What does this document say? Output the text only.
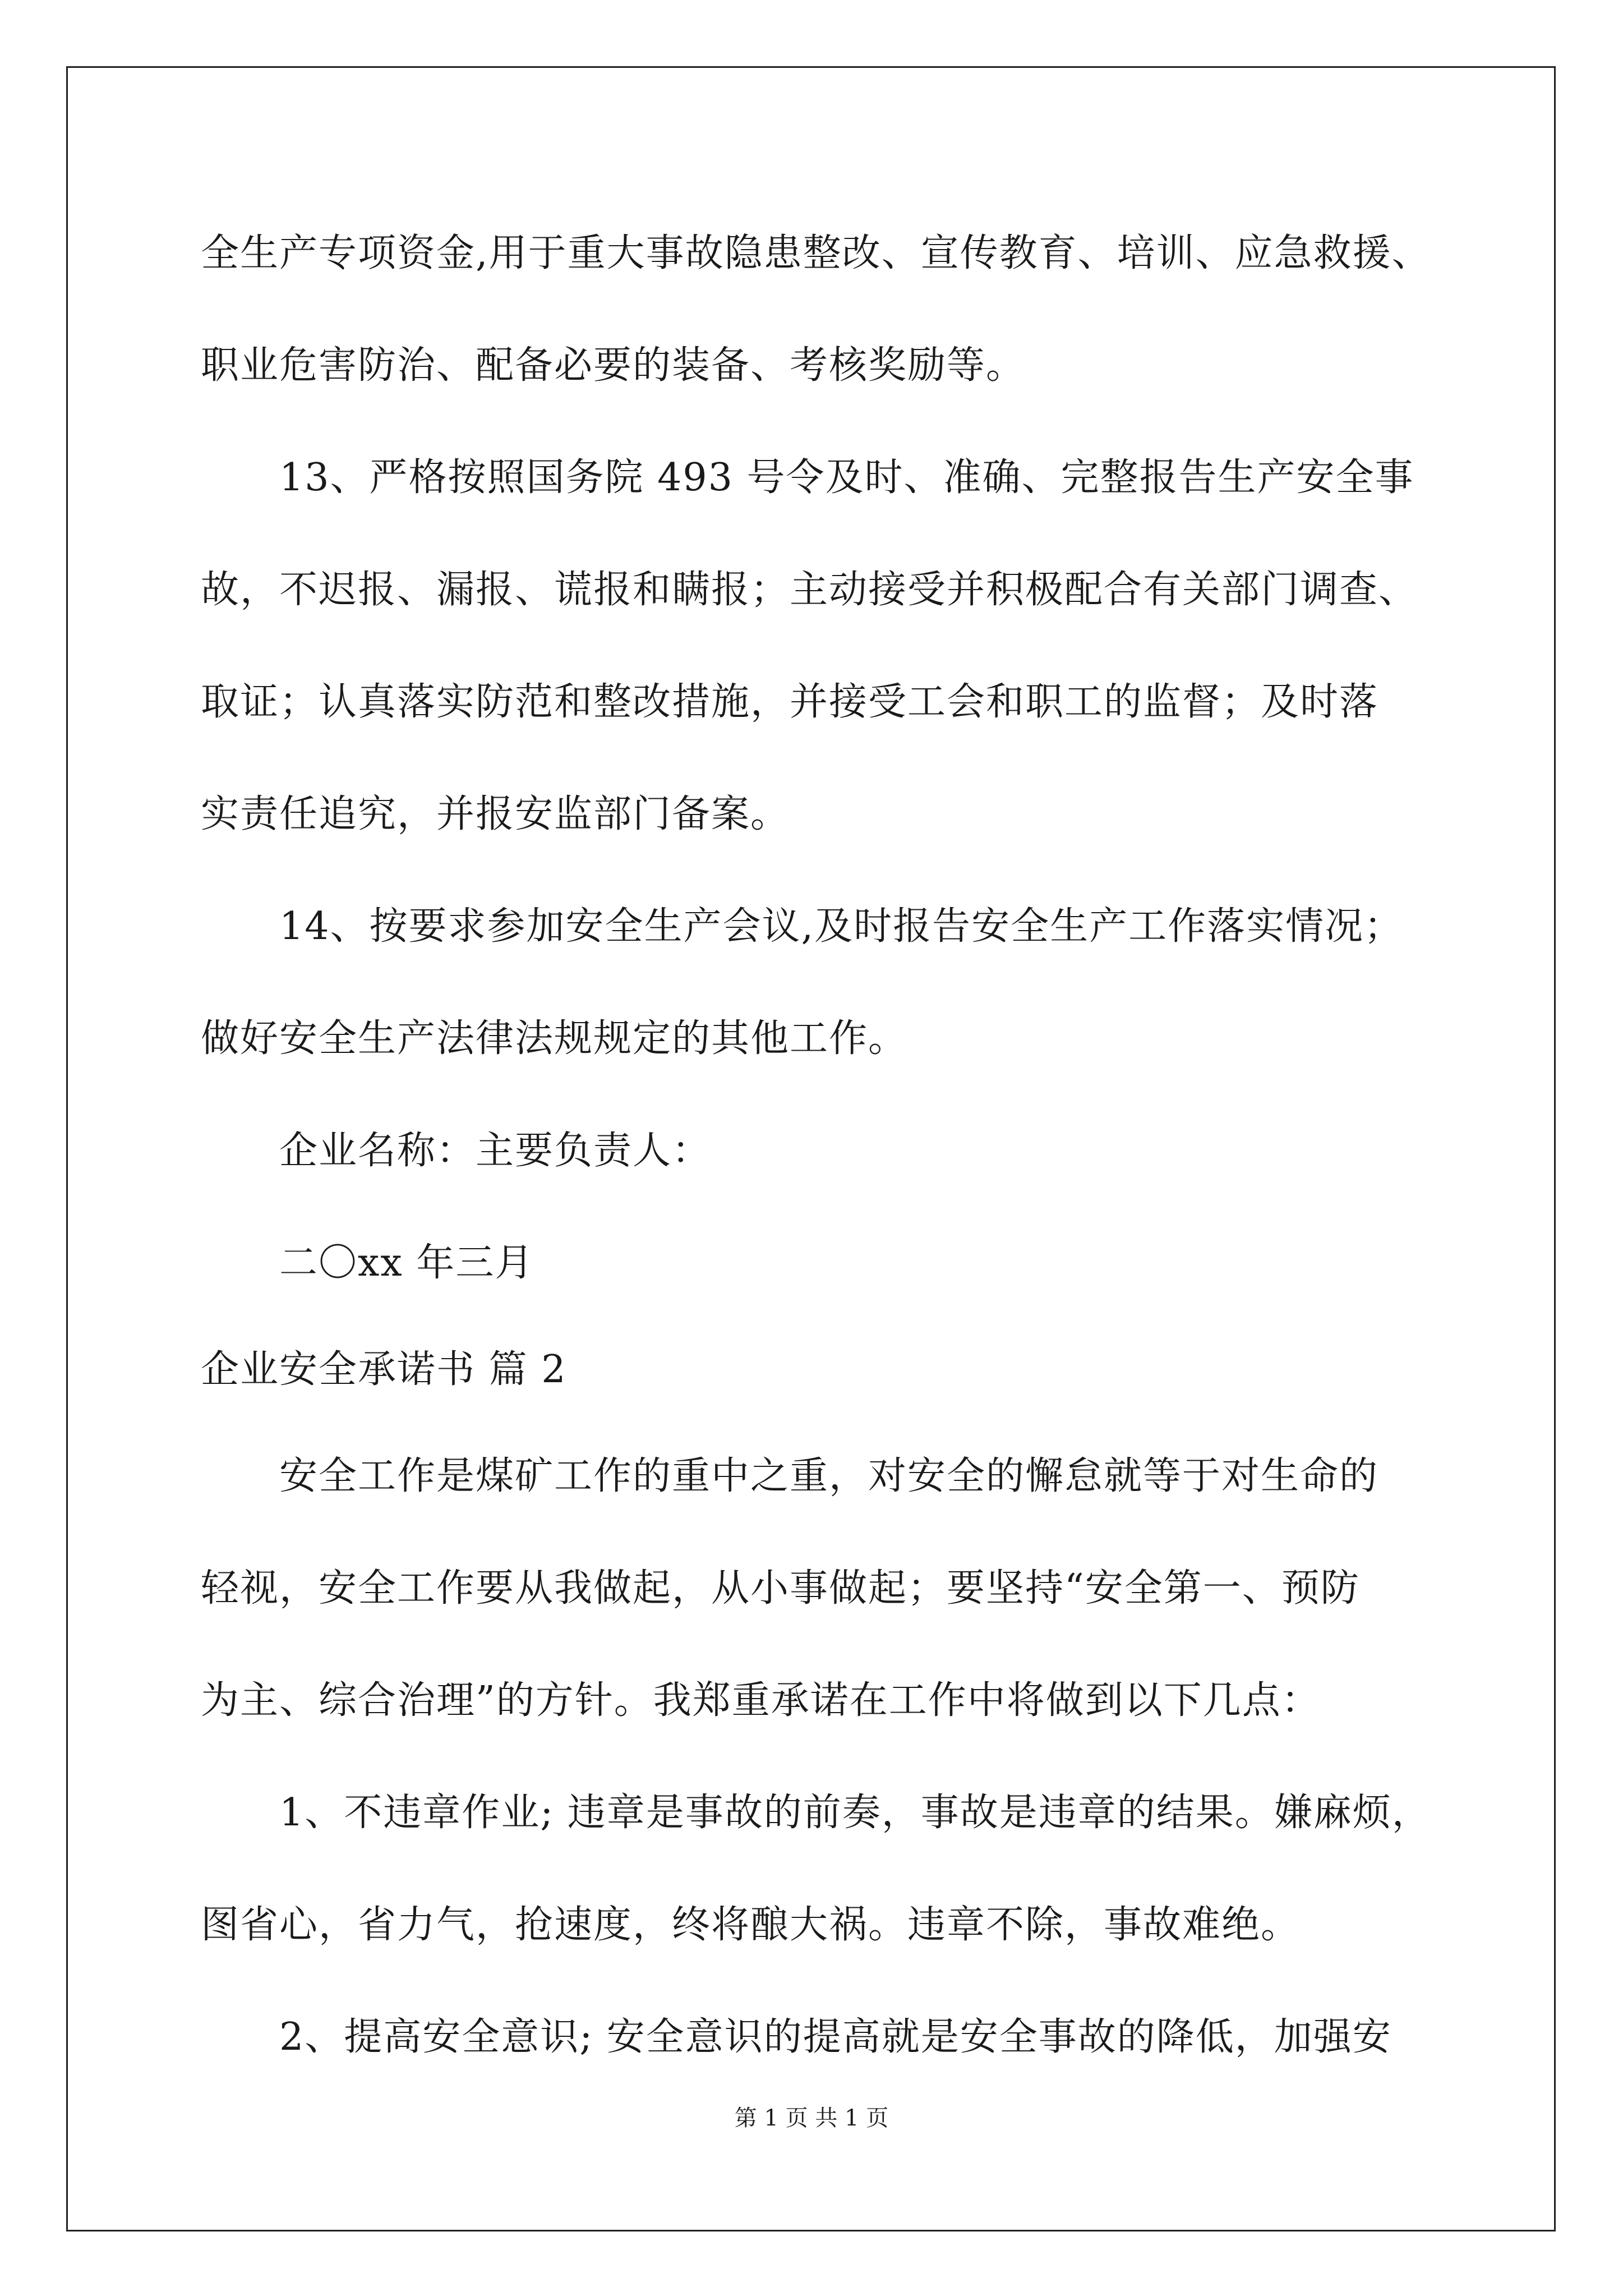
全生产专项资金,用于重大事故隐患整改、宣传教育、培训、应急救援、
职业危害防治、配备必要的装备、考核奖励等。
13、严格按照国务院 493 号令及时、准确、完整报告生产安全事
故，不迟报、漏报、谎报和瞒报；主动接受并积极配合有关部门调查、
取证；认真落实防范和整改措施，并接受工会和职工的监督；及时落
实责任追究，并报安监部门备案。
14、按要求参加安全生产会议,及时报告安全生产工作落实情况；
做好安全生产法律法规规定的其他工作。
企业名称：主要负责人：
二〇xx 年三月
企业安全承诺书 篇 2
安全工作是煤矿工作的重中之重，对安全的懈怠就等于对生命的
轻视，安全工作要从我做起，从小事做起；要坚持“安全第一、预防
为主、综合治理”的方针。我郑重承诺在工作中将做到以下几点：
1、不违章作业; 违章是事故的前奏，事故是违章的结果。嫌麻烦，
图省心，省力气，抢速度，终将酿大祸。违章不除，事故难绝。
2、提高安全意识; 安全意识的提高就是安全事故的降低，加强安
第 1 页 共 1 页
